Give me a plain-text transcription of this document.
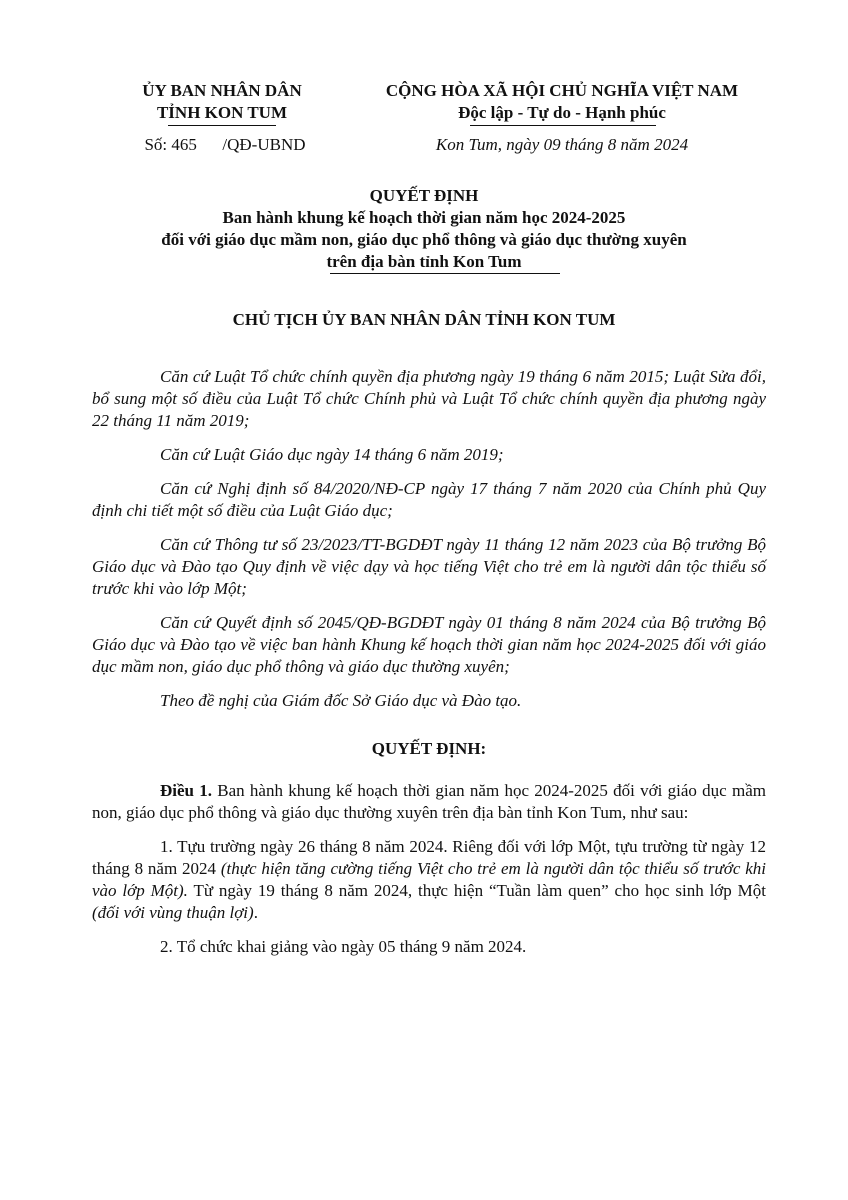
ỦY BAN NHÂN DÂN
TỈNH KON TUM
CỘNG HÒA XÃ HỘI CHỦ NGHĨA VIỆT NAM
Độc lập - Tự do - Hạnh phúc
Số: 465      /QĐ-UBND	Kon Tum, ngày 09 tháng 8 năm 2024
QUYẾT ĐỊNH
Ban hành khung kế hoạch thời gian năm học 2024-2025
đối với giáo dục mầm non, giáo dục phổ thông và giáo dục thường xuyên
trên địa bàn tỉnh Kon Tum
CHỦ TỊCH ỦY BAN NHÂN DÂN TỈNH KON TUM

Căn cứ Luật Tổ chức chính quyền địa phương ngày 19 tháng 6 năm 2015; Luật Sửa đổi, bổ sung một số điều của Luật Tổ chức Chính phủ và Luật Tổ chức chính quyền địa phương ngày 22 tháng 11 năm 2019;

Căn cứ Luật Giáo dục ngày 14 tháng 6 năm 2019;

Căn cứ Nghị định số 84/2020/NĐ-CP ngày 17 tháng 7 năm 2020 của Chính phủ Quy định chi tiết một số điều của Luật Giáo dục;

Căn cứ Thông tư số 23/2023/TT-BGDĐT ngày 11 tháng 12 năm 2023 của Bộ trưởng Bộ Giáo dục và Đào tạo Quy định về việc dạy và học tiếng Việt cho trẻ em là người dân tộc thiểu số trước khi vào lớp Một;

Căn cứ Quyết định số 2045/QĐ-BGDĐT ngày 01 tháng 8 năm 2024 của Bộ trưởng Bộ Giáo dục và Đào tạo về việc ban hành Khung kế hoạch thời gian năm học 2024-2025 đối với giáo dục mầm non, giáo dục phổ thông và giáo dục thường xuyên;

Theo đề nghị của Giám đốc Sở Giáo dục và Đào tạo.

QUYẾT ĐỊNH:

Điều 1. Ban hành khung kế hoạch thời gian năm học 2024-2025 đối với giáo dục mầm non, giáo dục phổ thông và giáo dục thường xuyên trên địa bàn tỉnh Kon Tum, như sau:

1. Tựu trường ngày 26 tháng 8 năm 2024. Riêng đối với lớp Một, tựu trường từ ngày 12 tháng 8 năm 2024 (thực hiện tăng cường tiếng Việt cho trẻ em là người dân tộc thiểu số trước khi vào lớp Một). Từ ngày 19 tháng 8 năm 2024, thực hiện “Tuần làm quen” cho học sinh lớp Một (đối với vùng thuận lợi).

2. Tổ chức khai giảng vào ngày 05 tháng 9 năm 2024.
